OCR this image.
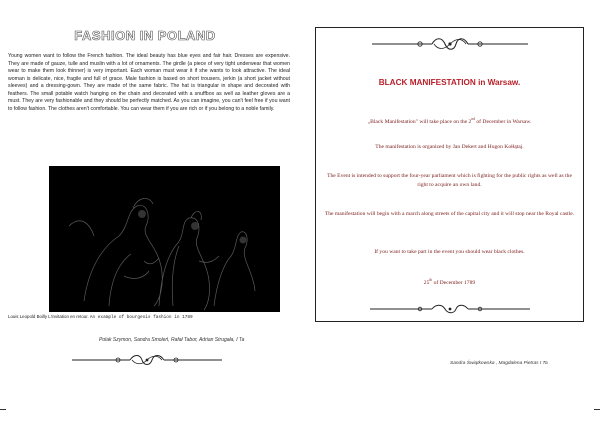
FASHION IN POLAND
Young women want to follow the French fashion. The ideal beauty has blue eyes and fair hair. Dresses are expensive. They are made of gauze, tulle and muslin with a lot of ornaments. The girdle (a piece of very tight underwear that women wear to make them look thinner) is very important. Each woman must wear it if she wants to look attractive. The ideal woman is delicate, nice, fragile and full of grace. Male fashion is based on short trousers, jerkin (a short jacket without sleeves) and a dressing-gown. They are made of the same fabric. The hat is triangular in shape and decorated with feathers. The small potable watch hanging on the chain and decorated with a snuffbox as well as leather gloves are a must. They are very fashionable and they should be perfectly matched. As you can imagine, you can't feel free if you want to follow fashion. The clothes aren't comfortable. You can wear them if you are rich or if you belong to a noble family.
Louis Leopold Boilly L'invitation en retour. An example of bourgeois fashion in 1789
Polak Szymon, Sandra Smoleń, Rafał Tabor, Adrian Strugała, I Ta
BLACK MANIFESTATION in Warsaw.
„Black Manifestation" will take place on the 2nd of December in Warsaw.
The manifestation is organized by Jan Dekert and Hugon Kołłątaj.
The Event is intended to support the four-year parliament which is fighting for the public rights as well as the right to acquire an own land.
The manifestation will begin with a march along streets of the capital city and it will stop near the Royal castle.
If you want to take part in the event you should wear black clothes.
25th of December 1789
Sandra Świątkowska , Magdalena Pietras I Ta
